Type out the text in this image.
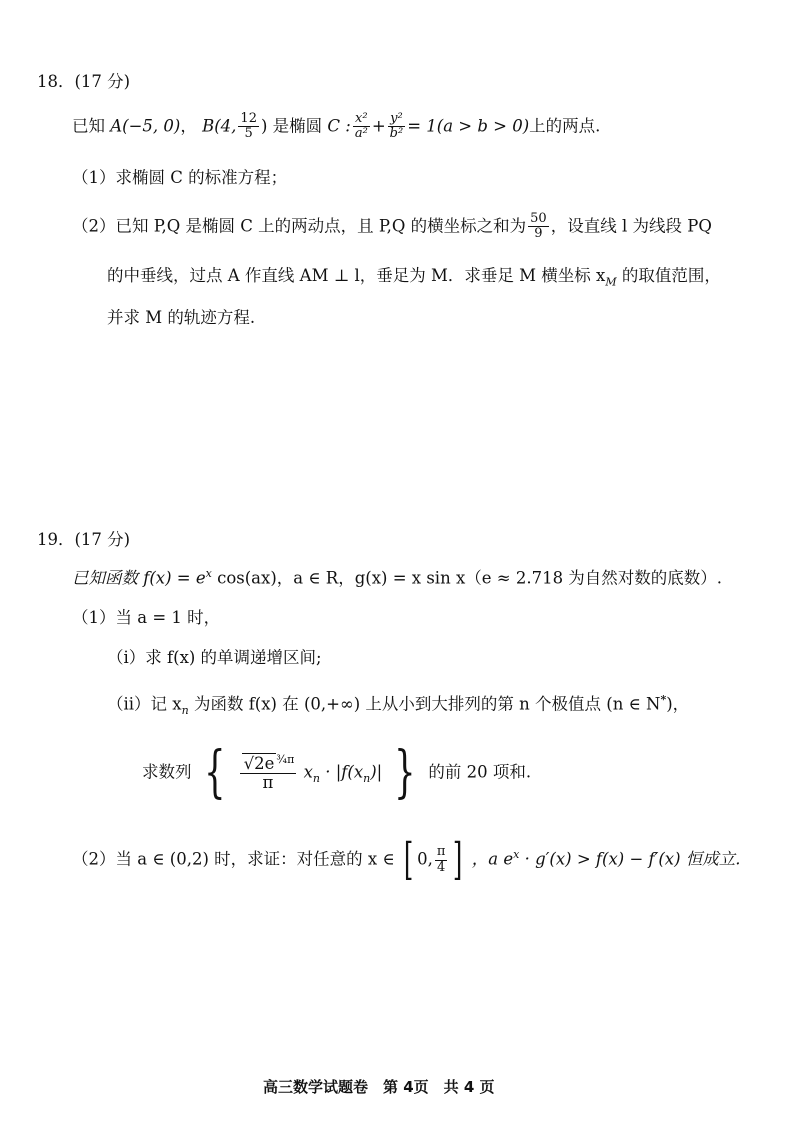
18．(17 分)
已知 A(−5, 0)， B(4, $\frac{12}{5}$ ) 是椭圆 C : $\frac{\text{x²}}{\text{a²}} + \frac{\text{y²}}{\text{b²}} = 1(a > b > 0)$上的两点.
（1）求椭圆 C 的标准方程；
（2）已知 P,Q 是椭圆 C 上的两动点，且 P,Q 的横坐标之和为 $\frac{50}{9}$ ，设直线 l 为线段 PQ
的中垂线，过点 A 作直线 AM ⊥ l，垂足为 M．求垂足 M 横坐标 $x_M$ 的取值范围，
并求 M 的轨迹方程.
19．(17 分)
已知函数 $f(x) = e^x$ cos(ax)，a ∈ R，g(x) = x sin x（e ≈ 2.718 为自然对数的底数）.
（1）当 a = 1 时，
（i）求 f(x) 的单调递增区间;
（ii）记 $x_n$ 为函数 f(x) 在 (0,+∞) 上从小到大排列的第 n 个极值点 (n ∈ N*)，
求数列 { $\frac{√2e ^{\frac{3}{4}\pi}}{\pi} x_n \cdot |f(x_n)|$ } 的前 20 项和.
（2）当 a ∈ (0,2) 时，求证：对任意的 x ∈ [ 0, $\frac{\pi}{4}$ ] ，a $e^x \cdot g'(x) > f(x) - f'(x)$ 恒成立.
高三数学试题卷　第 4页　共 4 页
